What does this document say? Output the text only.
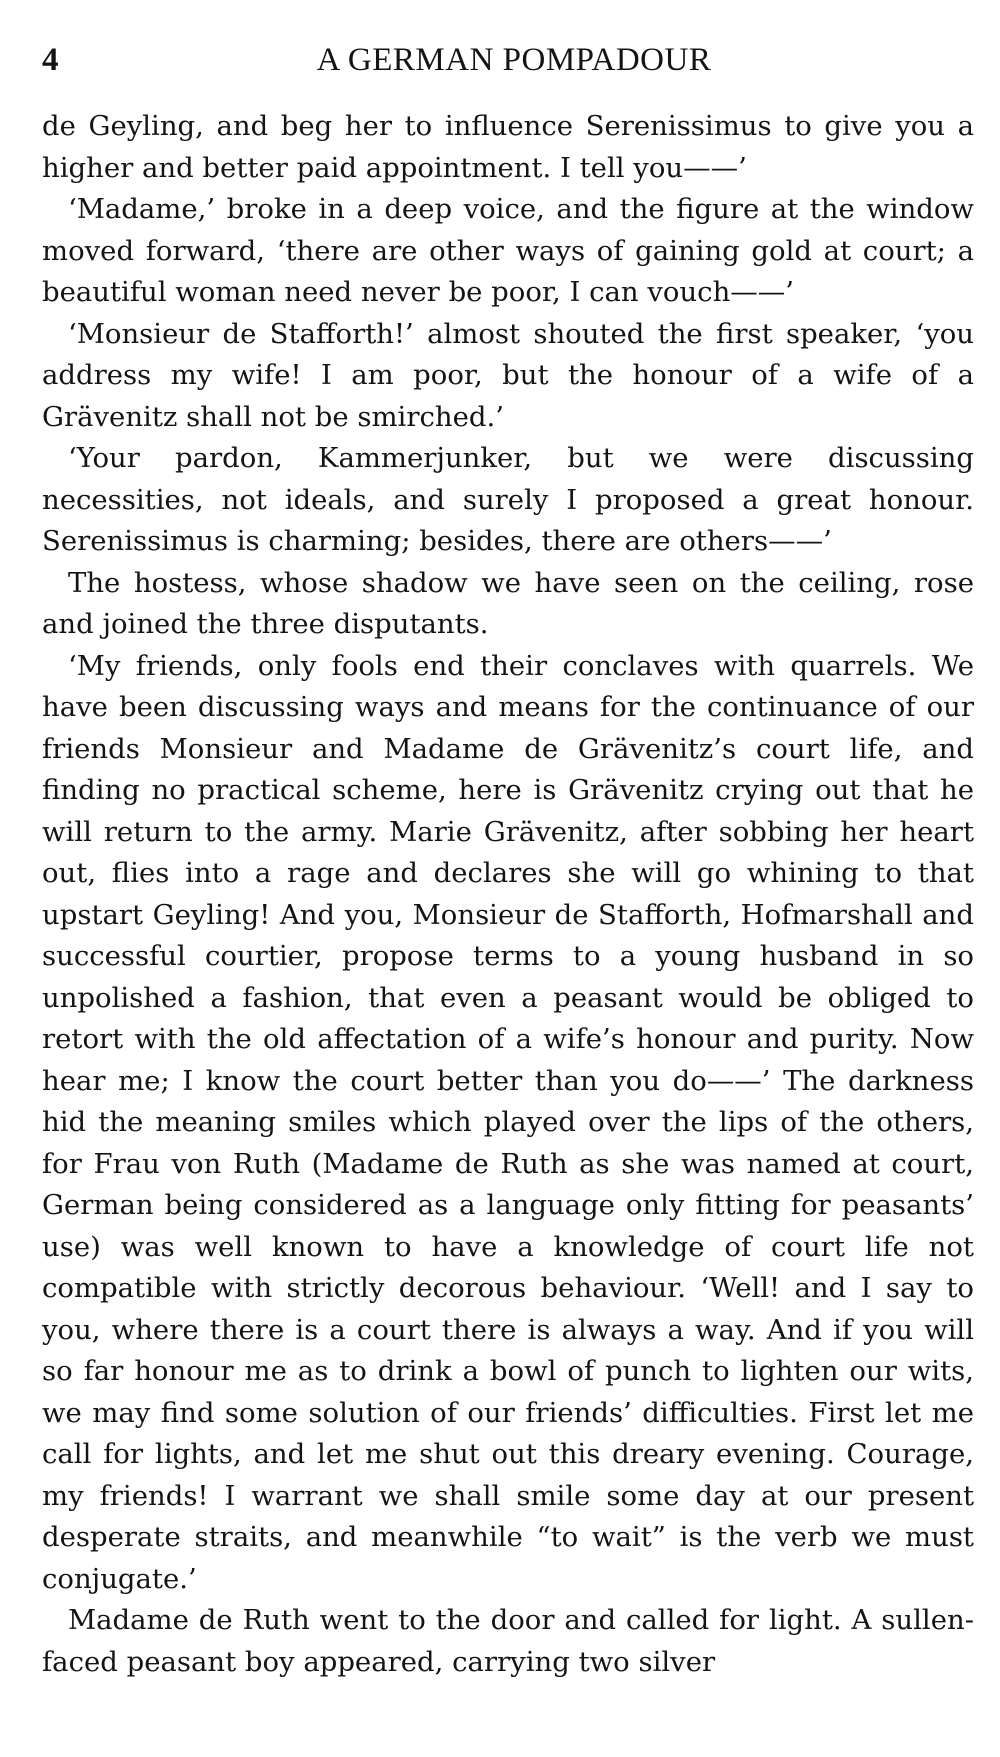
4	A GERMAN POMPADOUR

de Geyling, and beg her to influence Serenissimus to give you a higher and better paid appointment. I tell you——’

‘Madame,’ broke in a deep voice, and the figure at the window moved forward, ‘there are other ways of gaining gold at court; a beautiful woman need never be poor, I can vouch——’

‘Monsieur de Stafforth!’ almost shouted the first speaker, ‘you address my wife! I am poor, but the honour of a wife of a Grävenitz shall not be smirched.’

‘Your pardon, Kammerjunker, but we were discussing necessities, not ideals, and surely I proposed a great honour. Serenissimus is charming; besides, there are others——’

The hostess, whose shadow we have seen on the ceiling, rose and joined the three disputants.

‘My friends, only fools end their conclaves with quarrels. We have been discussing ways and means for the continuance of our friends Monsieur and Madame de Grävenitz’s court life, and finding no practical scheme, here is Grävenitz crying out that he will return to the army. Marie Grävenitz, after sobbing her heart out, flies into a rage and declares she will go whining to that upstart Geyling! And you, Monsieur de Stafforth, Hofmarshall and successful courtier, propose terms to a young husband in so unpolished a fashion, that even a peasant would be obliged to retort with the old affectation of a wife’s honour and purity. Now hear me; I know the court better than you do——’ The darkness hid the meaning smiles which played over the lips of the others, for Frau von Ruth (Madame de Ruth as she was named at court, German being considered as a language only fitting for peasants’ use) was well known to have a knowledge of court life not compatible with strictly decorous behaviour. ‘Well! and I say to you, where there is a court there is always a way. And if you will so far honour me as to drink a bowl of punch to lighten our wits, we may find some solution of our friends’ difficulties. First let me call for lights, and let me shut out this dreary evening. Courage, my friends! I warrant we shall smile some day at our present desperate straits, and meanwhile “to wait” is the verb we must conjugate.’

Madame de Ruth went to the door and called for light. A sullen-faced peasant boy appeared, carrying two silver
